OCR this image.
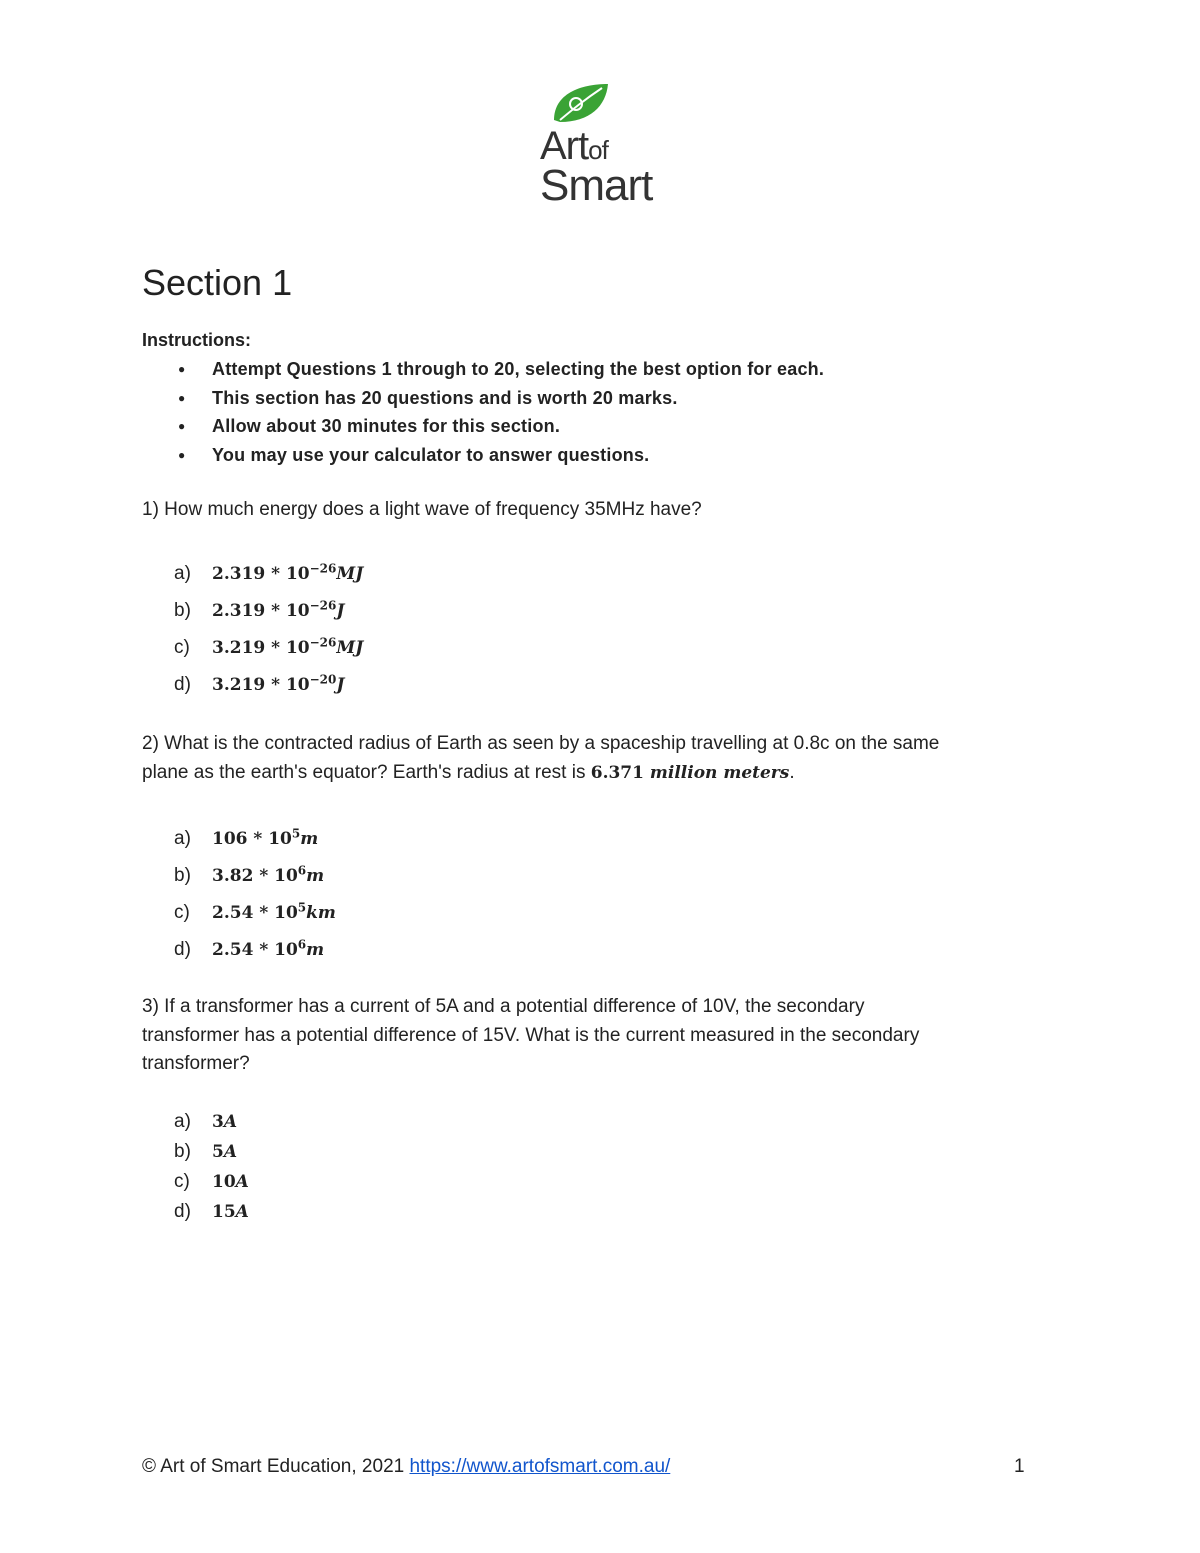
Artof
Smart
Section 1
Instructions:
● Attempt Questions 1 through to 20, selecting the best option for each.
● This section has 20 questions and is worth 20 marks.
● Allow about 30 minutes for this section.
● You may use your calculator to answer questions.
1) How much energy does a light wave of frequency 35MHz have?
a) $2.319 * 10^{-26}MJ$
b) $2.319 * 10^{-26}J$
c) $3.219 * 10^{-26}MJ$
d) $3.219 * 10^{-20}J$
2) What is the contracted radius of Earth as seen by a spaceship travelling at 0.8c on the same
plane as the earth's equator? Earth's radius at rest is 6.371 million meters.
a) $106 * 10^5m$
b) $3.82 * 10^6m$
c) $2.54 * 10^5km$
d) $2.54 * 10^6m$
3) If a transformer has a current of 5A and a potential difference of 10V, the secondary
transformer has a potential difference of 15V. What is the current measured in the secondary
transformer?
a) 3A
b) 5A
c) 10A
d) 15A
© Art of Smart Education, 2021 https://www.artofsmart.com.au/	1
